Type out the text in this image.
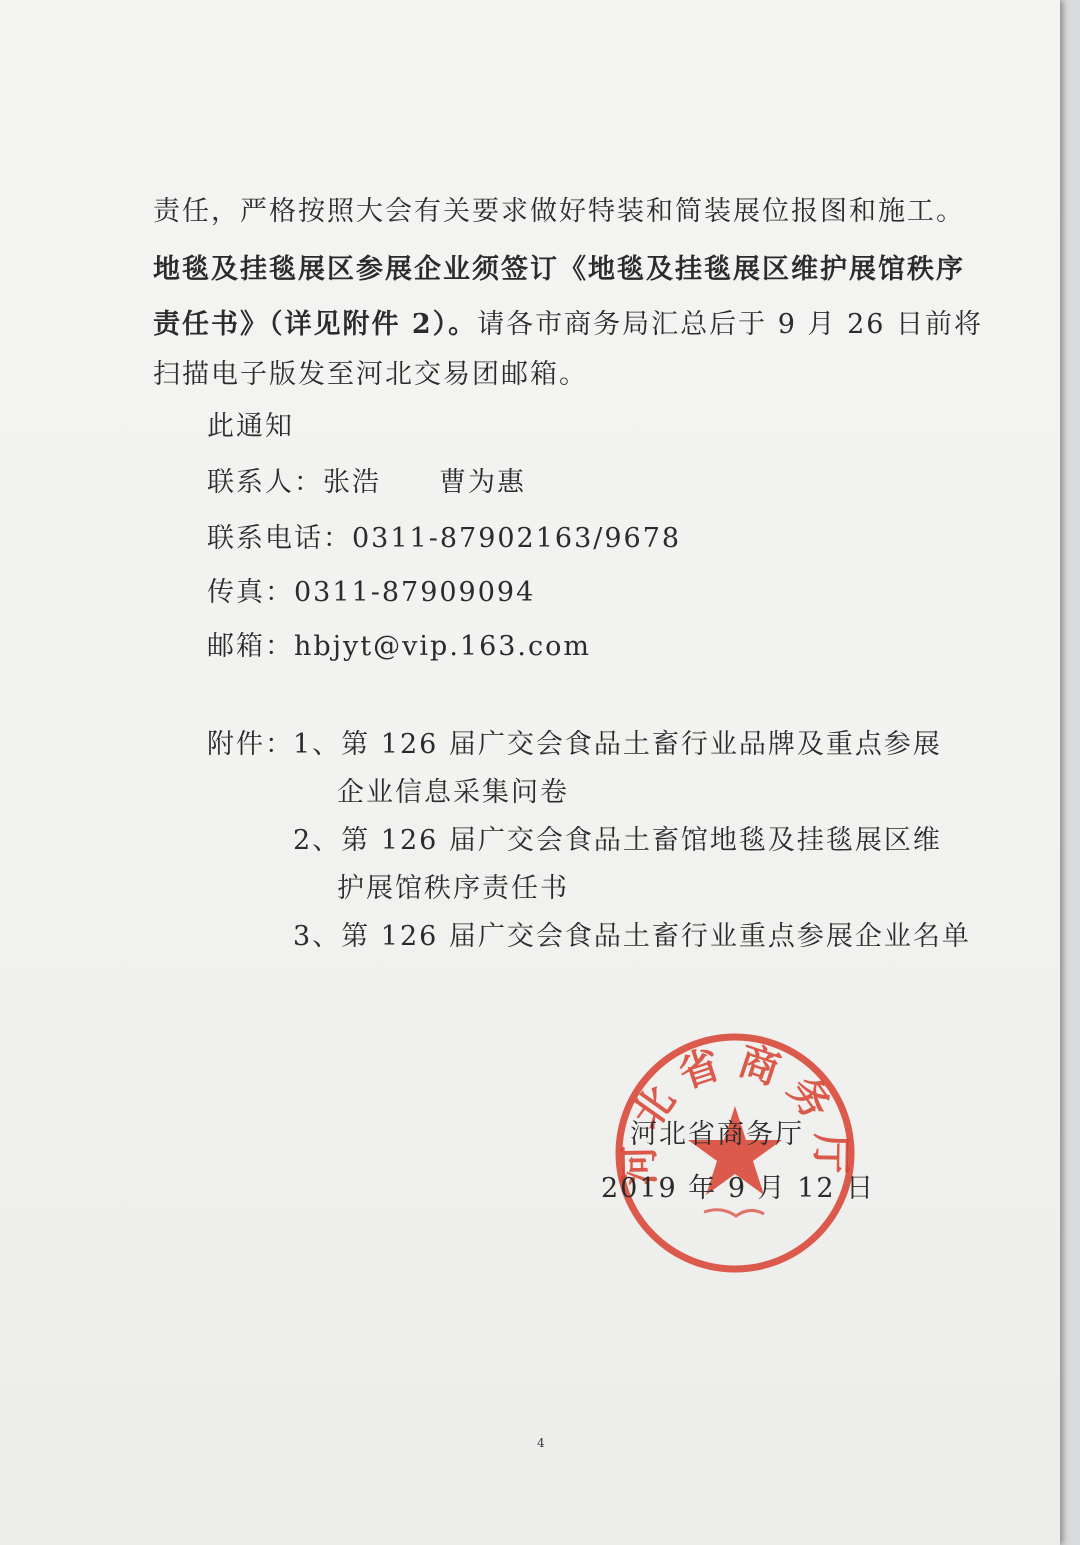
责任，严格按照大会有关要求做好特装和简装展位报图和施工。
地毯及挂毯展区参展企业须签订《地毯及挂毯展区维护展馆秩序
责任书》（详见附件 2）。请各市商务局汇总后于 9 月 26 日前将
扫描电子版发至河北交易团邮箱。
此通知
联系人：张浩　　曹为惠
联系电话：0311-87902163/9678
传真：0311-87909094
邮箱：hbjyt@vip.163.com
附件： 1、第 126 届广交会食品土畜行业品牌及重点参展
企业信息采集问卷
2、第 126 届广交会食品土畜馆地毯及挂毯展区维
护展馆秩序责任书
3、第 126 届广交会食品土畜行业重点参展企业名单
河北省商务厅
河北省商务厅
2019 年 9 月 12 日
4
